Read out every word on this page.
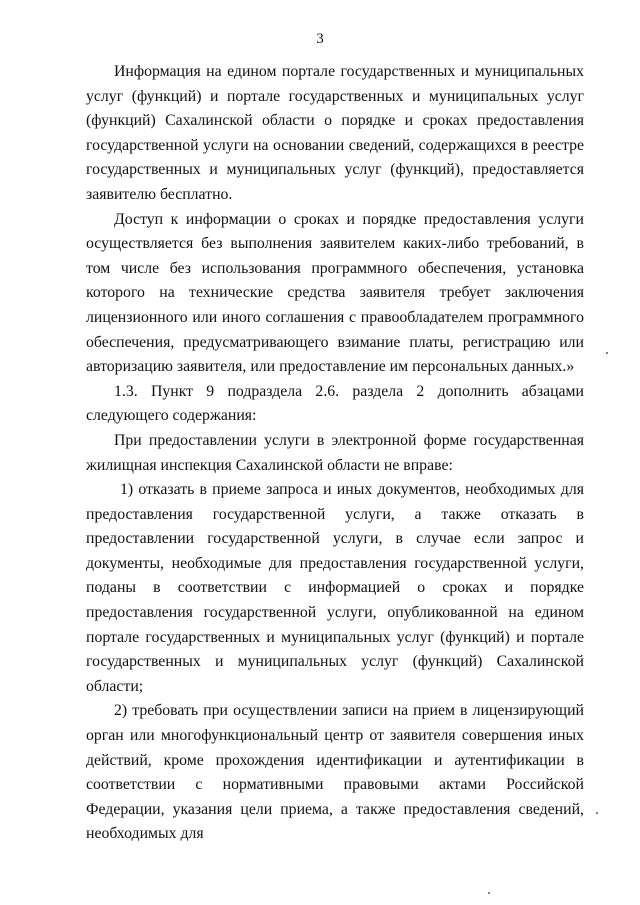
3

Информация на едином портале государственных и муниципальных услуг (функций) и портале государственных и муниципальных услуг (функций) Сахалинской области о порядке и сроках предоставления государственной услуги на основании сведений, содержащихся в реестре государственных и муниципальных услуг (функций), предоставляется заявителю бесплатно.

Доступ к информации о сроках и порядке предоставления услуги осуществляется без выполнения заявителем каких-либо требований, в том числе без использования программного обеспечения, установка которого на технические средства заявителя требует заключения лицензионного или иного соглашения с правообладателем программного обеспечения, предусматривающего взимание платы, регистрацию или авторизацию заявителя, или предоставление им персональных данных.»

1.3. Пункт 9 подраздела 2.6. раздела 2 дополнить абзацами следующего содержания:

При предоставлении услуги в электронной форме государственная жилищная инспекция Сахалинской области не вправе:

1) отказать в приеме запроса и иных документов, необходимых для предоставления государственной услуги, а также отказать в предоставлении государственной услуги, в случае если запрос и документы, необходимые для предоставления государственной услуги, поданы в соответствии с информацией о сроках и порядке предоставления государственной услуги, опубликованной на едином портале государственных и муниципальных услуг (функций) и портале государственных и муниципальных услуг (функций) Сахалинской области;

2) требовать при осуществлении записи на прием в лицензирующий орган или многофункциональный центр от заявителя совершения иных действий, кроме прохождения идентификации и аутентификации в соответствии с нормативными правовыми актами Российской Федерации, указания цели приема, а также предоставления сведений, необходимых для
